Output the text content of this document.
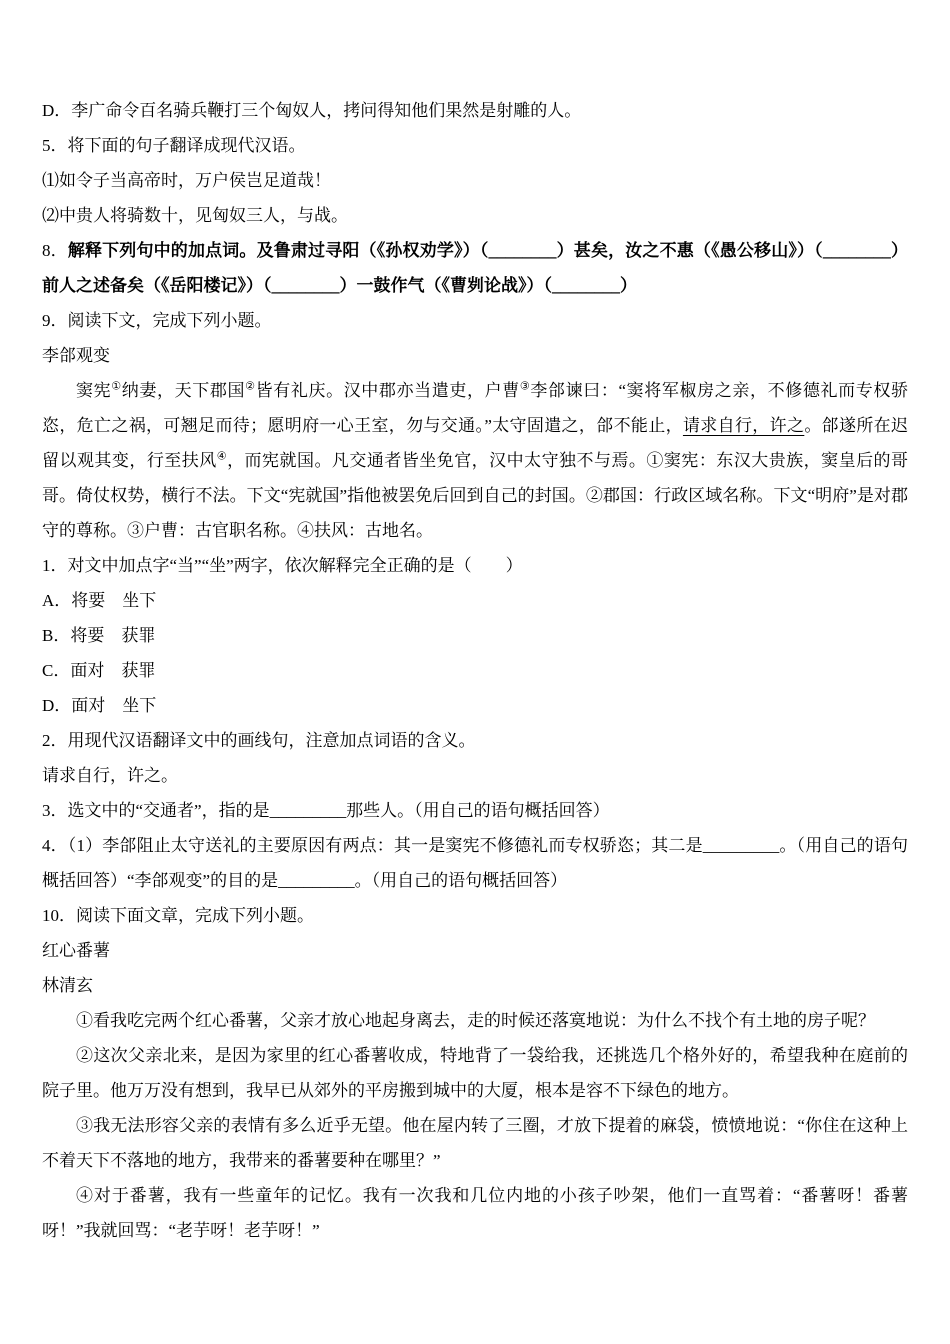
D．李广命令百名骑兵鞭打三个匈奴人，拷问得知他们果然是射雕的人。

5．将下面的句子翻译成现代汉语。

⑴如令子当高帝时，万户侯岂足道哉！

⑵中贵人将骑数十，见匈奴三人，与战。

8．解释下列句中的加点词。及鲁肃过寻阳（《孙权劝学》）（________）甚矣，汝之不惠（《愚公移山》）（________）前人之述备矣（《岳阳楼记》）（________）一鼓作气（《曹刿论战》）（________）

9．阅读下文，完成下列小题。

李郃观变

窦宪①纳妻，天下郡国②皆有礼庆。汉中郡亦当遣吏，户曹③李郃谏曰：“窦将军椒房之亲，不修德礼而专权骄恣，危亡之祸，可翘足而待；愿明府一心王室，勿与交通。”太守固遣之，郃不能止，请求自行，许之。郃遂所在迟留以观其变，行至扶风④，而宪就国。凡交通者皆坐免官，汉中太守独不与焉。①窦宪：东汉大贵族，窦皇后的哥哥。倚仗权势，横行不法。下文“宪就国”指他被罢免后回到自己的封国。②郡国：行政区域名称。下文“明府”是对郡守的尊称。③户曹：古官职名称。④扶风：古地名。

1．对文中加点字“当”“坐”两字，依次解释完全正确的是（　　）

A．将要　坐下

B．将要　获罪

C．面对　获罪

D．面对　坐下

2．用现代汉语翻译文中的画线句，注意加点词语的含义。

请求自行，许之。

3．选文中的“交通者”，指的是_________那些人。（用自己的语句概括回答）

4．（1）李郃阻止太守送礼的主要原因有两点：其一是窦宪不修德礼而专权骄恣；其二是_________。（用自己的语句概括回答）“李郃观变”的目的是_________。（用自己的语句概括回答）

10．阅读下面文章，完成下列小题。

红心番薯

林清玄

①看我吃完两个红心番薯，父亲才放心地起身离去，走的时候还落寞地说：为什么不找个有土地的房子呢？

②这次父亲北来，是因为家里的红心番薯收成，特地背了一袋给我，还挑选几个格外好的，希望我种在庭前的院子里。他万万没有想到，我早已从郊外的平房搬到城中的大厦，根本是容不下绿色的地方。

③我无法形容父亲的表情有多么近乎无望。他在屋内转了三圈，才放下提着的麻袋，愤愤地说：“你住在这种上不着天下不落地的地方，我带来的番薯要种在哪里？”

④对于番薯，我有一些童年的记忆。我有一次我和几位内地的小孩子吵架，他们一直骂着：“番薯呀！番薯呀！”我就回骂：“老芋呀！老芋呀！”
